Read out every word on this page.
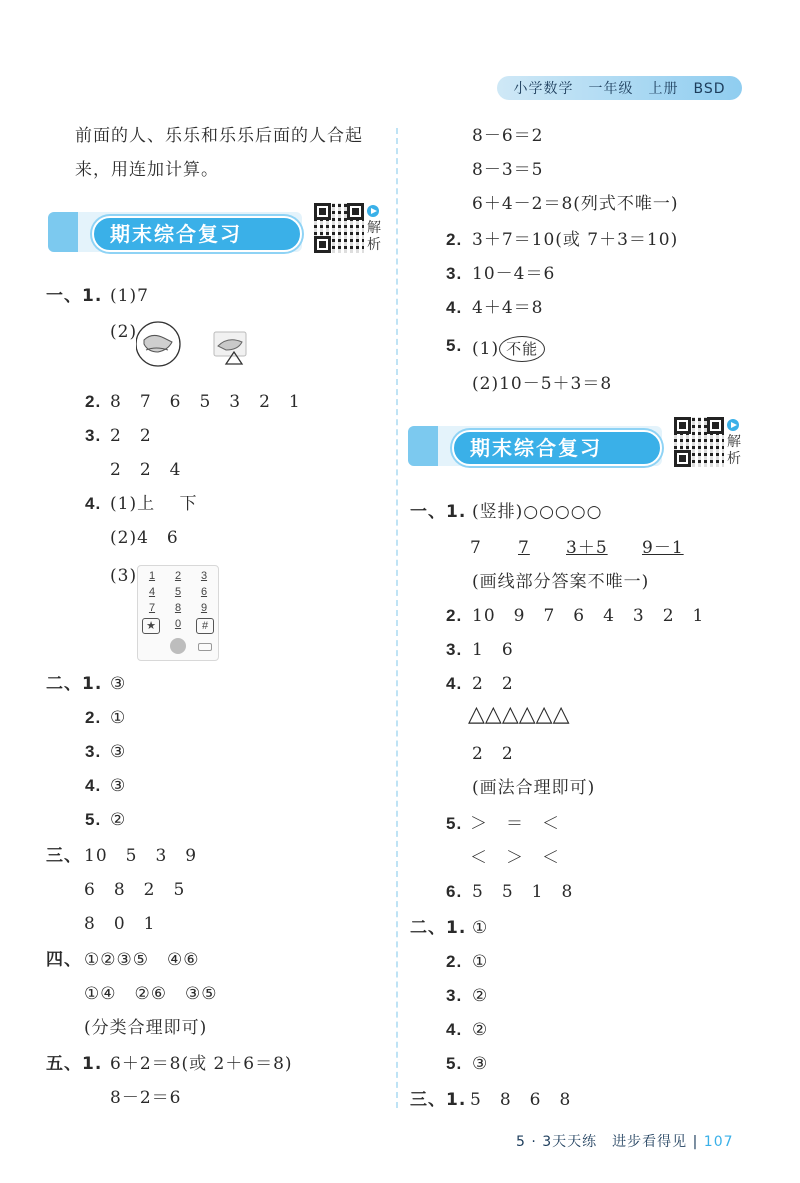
小学数学　一年级　上册　BSD
前面的人、乐乐和乐乐后面的人合起
来，用连加计算。
期末综合复习(一)
解析
一、1. (1)7
(2)
2. 8　7　6　5　3　2　1
3. 2　2
2　2　4
4. (1)上　 下
(2)4　6
(3)	1	2	3
4	5	6
7	8	9
★	0	#
二、1. ③
2. ①
3. ③
4. ③
5. ②
三、 10　5　3　9
6　8　2　5
8　0　1
四、 ①②③⑤　④⑥
①④　②⑥　③⑤
(分类合理即可)
五、1. 6＋2＝8(或 2＋6＝8)
8－2＝6
8－6＝2
8－3＝5
6＋4－2＝8(列式不唯一)
2. 3＋7＝10(或 7＋3＝10)
3. 10－4＝6
4. 4＋4＝8
5. (1) 不能
(2)10－5＋3＝8
期末综合复习(二)
解析
一、1. (竖排)○○○○○
7 7 3＋5 9－1
(画线部分答案不唯一)
2. 10　9　7　6　4　3　2　1
3. 1　6
4. 2　2
△△△△△△
2　2
(画法合理即可)
5. ＞　＝　＜
＜　＞　＜
6. 5　5　1　8
二、1. ①
2. ①
3. ②
4. ②
5. ③
三、1. 5　8　6　8
5 · 3天天练　进步看得见 | 107
